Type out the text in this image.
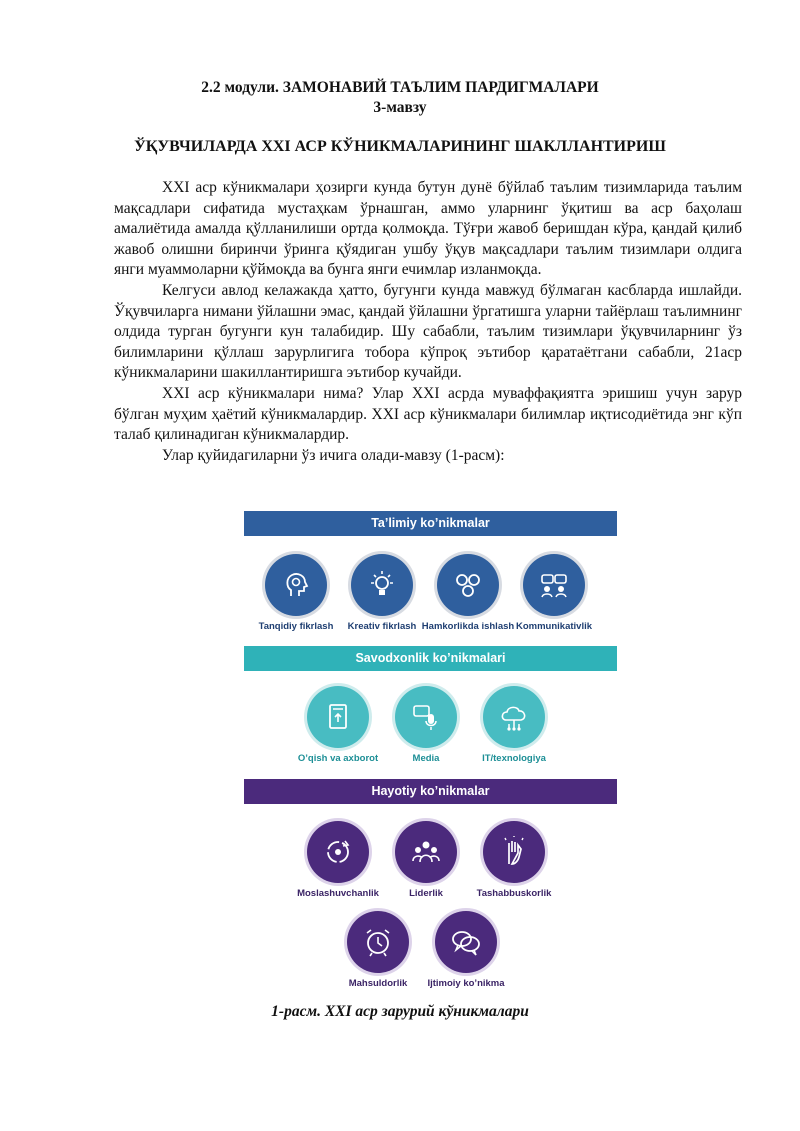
2.2 модули. ЗАМОНАВИЙ ТАЪЛИМ ПАРДИГМАЛАРИ
3-мавзу
ЎҚУВЧИЛАРДА XXI АСР КЎНИКМАЛАРИНИНГ ШАКЛЛАНТИРИШ

XXI аср кўникмалари ҳозирги кунда бутун дунё бўйлаб таълим тизимларида таълим мақсадлари сифатида мустаҳкам ўрнашган, аммо уларнинг ўқитиш ва аср баҳолаш амалиётида амалда қўлланилиши ортда қолмоқда. Тўғри жавоб беришдан кўра, қандай қилиб жавоб олишни биринчи ўринга қўядиган ушбу ўқув мақсадлари таълим тизимлари олдига янги муаммоларни қўймоқда ва бунга янги ечимлар изланмоқда.

Келгуси авлод келажакда ҳатто, бугунги кунда мавжуд бўлмаган касбларда ишлайди. Ўқувчиларга нимани ўйлашни эмас, қандай ўйлашни ўргатишга уларни тайёрлаш таълимнинг олдида турган бугунги кун талабидир. Шу сабабли, таълим тизимлари ўқувчиларнинг ўз билимларини қўллаш зарурлигига тобора кўпроқ эътибор қаратаётгани сабабли, 21аср кўникмаларини шакиллантиришга эътибор кучайди.

XXI аср кўникмалари нима? Улар XXI асрда муваффақиятга эришиш учун зарур бўлган муҳим ҳаётий кўникмалардир. XXI аср кўникмалари билимлар иқтисодиётида энг кўп талаб қилинадиган кўникмалардир.

Улар қуйидагиларни ўз ичига олади-мавзу (1-расм):

Ta’limiy ko’nikmalar
Tanqidiy fikrlash	Kreativ fikrlash Hamkorlikda ishlash Kommunikativlik
Savodxonlik ko’nikmalari
O’qish va axborot	Media	IT/texnologiya
Hayotiy ko’nikmalar
Moslashuvchanlik	Liderlik	Tashabbuskorlik
Mahsuldorlik	Ijtimoiy ko’nikma
1-расм. XXI аср зарурий кўникмалари
